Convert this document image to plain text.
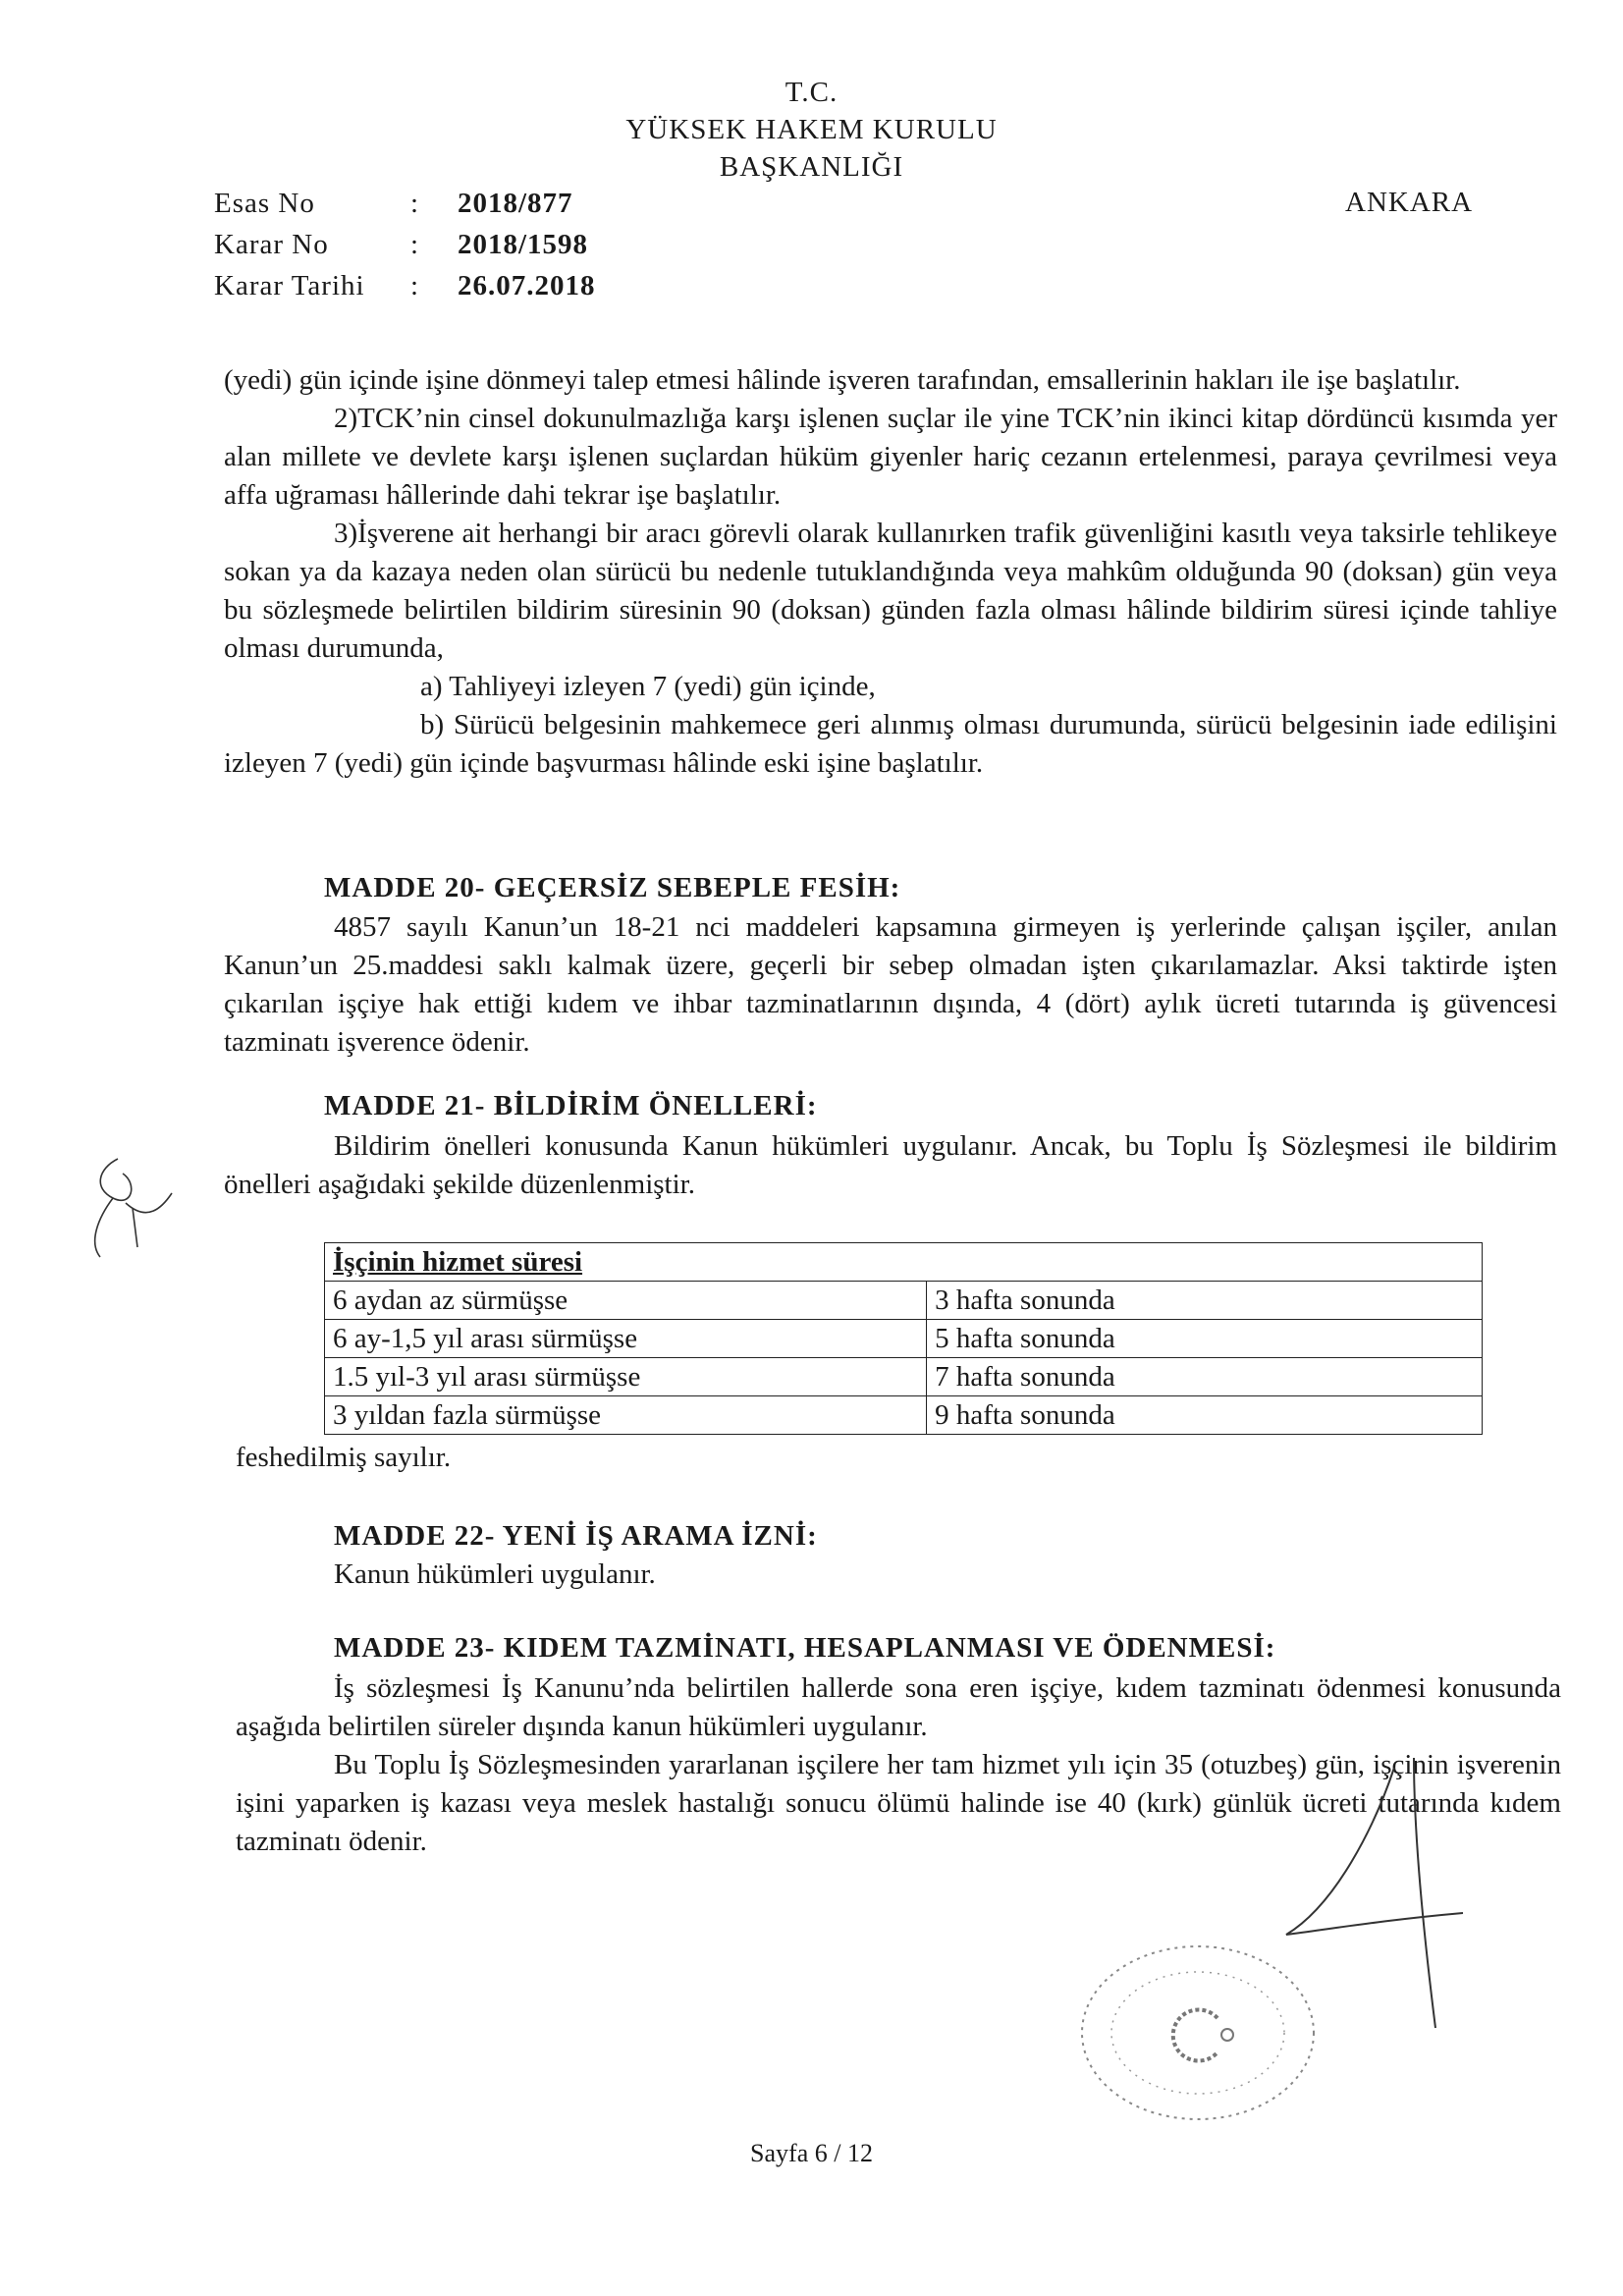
T.C.
YÜKSEK HAKEM KURULU
BAŞKANLIĞI
ANKARA
Esas No	: 2018/877
Karar No	: 2018/1598
Karar Tarihi : 26.07.2018

(yedi) gün içinde işine dönmeyi talep etmesi hâlinde işveren tarafından, emsallerinin hakları ile işe başlatılır.

2)TCK’nin cinsel dokunulmazlığa karşı işlenen suçlar ile yine TCK’nin ikinci kitap dördüncü kısımda yer alan millete ve devlete karşı işlenen suçlardan hüküm giyenler hariç cezanın ertelenmesi, paraya çevrilmesi veya affa uğraması hâllerinde dahi tekrar işe başlatılır.

3)İşverene ait herhangi bir aracı görevli olarak kullanırken trafik güvenliğini kasıtlı veya taksirle tehlikeye sokan ya da kazaya neden olan sürücü bu nedenle tutuklandığında veya mahkûm olduğunda 90 (doksan) gün veya bu sözleşmede belirtilen bildirim süresinin 90 (doksan) günden fazla olması hâlinde bildirim süresi içinde tahliye olması durumunda,

a) Tahliyeyi izleyen 7 (yedi) gün içinde,

b) Sürücü belgesinin mahkemece geri alınmış olması durumunda, sürücü belgesinin iade edilişini izleyen 7 (yedi) gün içinde başvurması hâlinde eski işine başlatılır.

MADDE 20- GEÇERSİZ SEBEPLE FESİH:

4857 sayılı Kanun’un 18-21 nci maddeleri kapsamına girmeyen iş yerlerinde çalışan işçiler, anılan Kanun’un 25.maddesi saklı kalmak üzere, geçerli bir sebep olmadan işten çıkarılamazlar. Aksi taktirde işten çıkarılan işçiye hak ettiği kıdem ve ihbar tazminatlarının dışında, 4 (dört) aylık ücreti tutarında iş güvencesi tazminatı işverence ödenir.

MADDE 21- BİLDİRİM ÖNELLERİ:

Bildirim önelleri konusunda Kanun hükümleri uygulanır. Ancak, bu Toplu İş Sözleşmesi ile bildirim önelleri aşağıdaki şekilde düzenlenmiştir.

İşçinin hizmet süresi	
6 aydan az sürmüşse	3 hafta sonunda
6 ay-1,5 yıl arası sürmüşse	5 hafta sonunda
1.5 yıl-3 yıl arası sürmüşse	7 hafta sonunda
3 yıldan fazla sürmüşse	9 hafta sonunda
feshedilmiş sayılır.
MADDE 22- YENİ İŞ ARAMA İZNİ:
Kanun hükümleri uygulanır.
MADDE 23- KIDEM TAZMİNATI, HESAPLANMASI VE ÖDENMESİ:

İş sözleşmesi İş Kanunu’nda belirtilen hallerde sona eren işçiye, kıdem tazminatı ödenmesi konusunda aşağıda belirtilen süreler dışında kanun hükümleri uygulanır.

Bu Toplu İş Sözleşmesinden yararlanan işçilere her tam hizmet yılı için 35 (otuzbeş) gün, işçinin işverenin işini yaparken iş kazası veya meslek hastalığı sonucu ölümü halinde ise 40 (kırk) günlük ücreti tutarında kıdem tazminatı ödenir.

Sayfa 6 / 12
